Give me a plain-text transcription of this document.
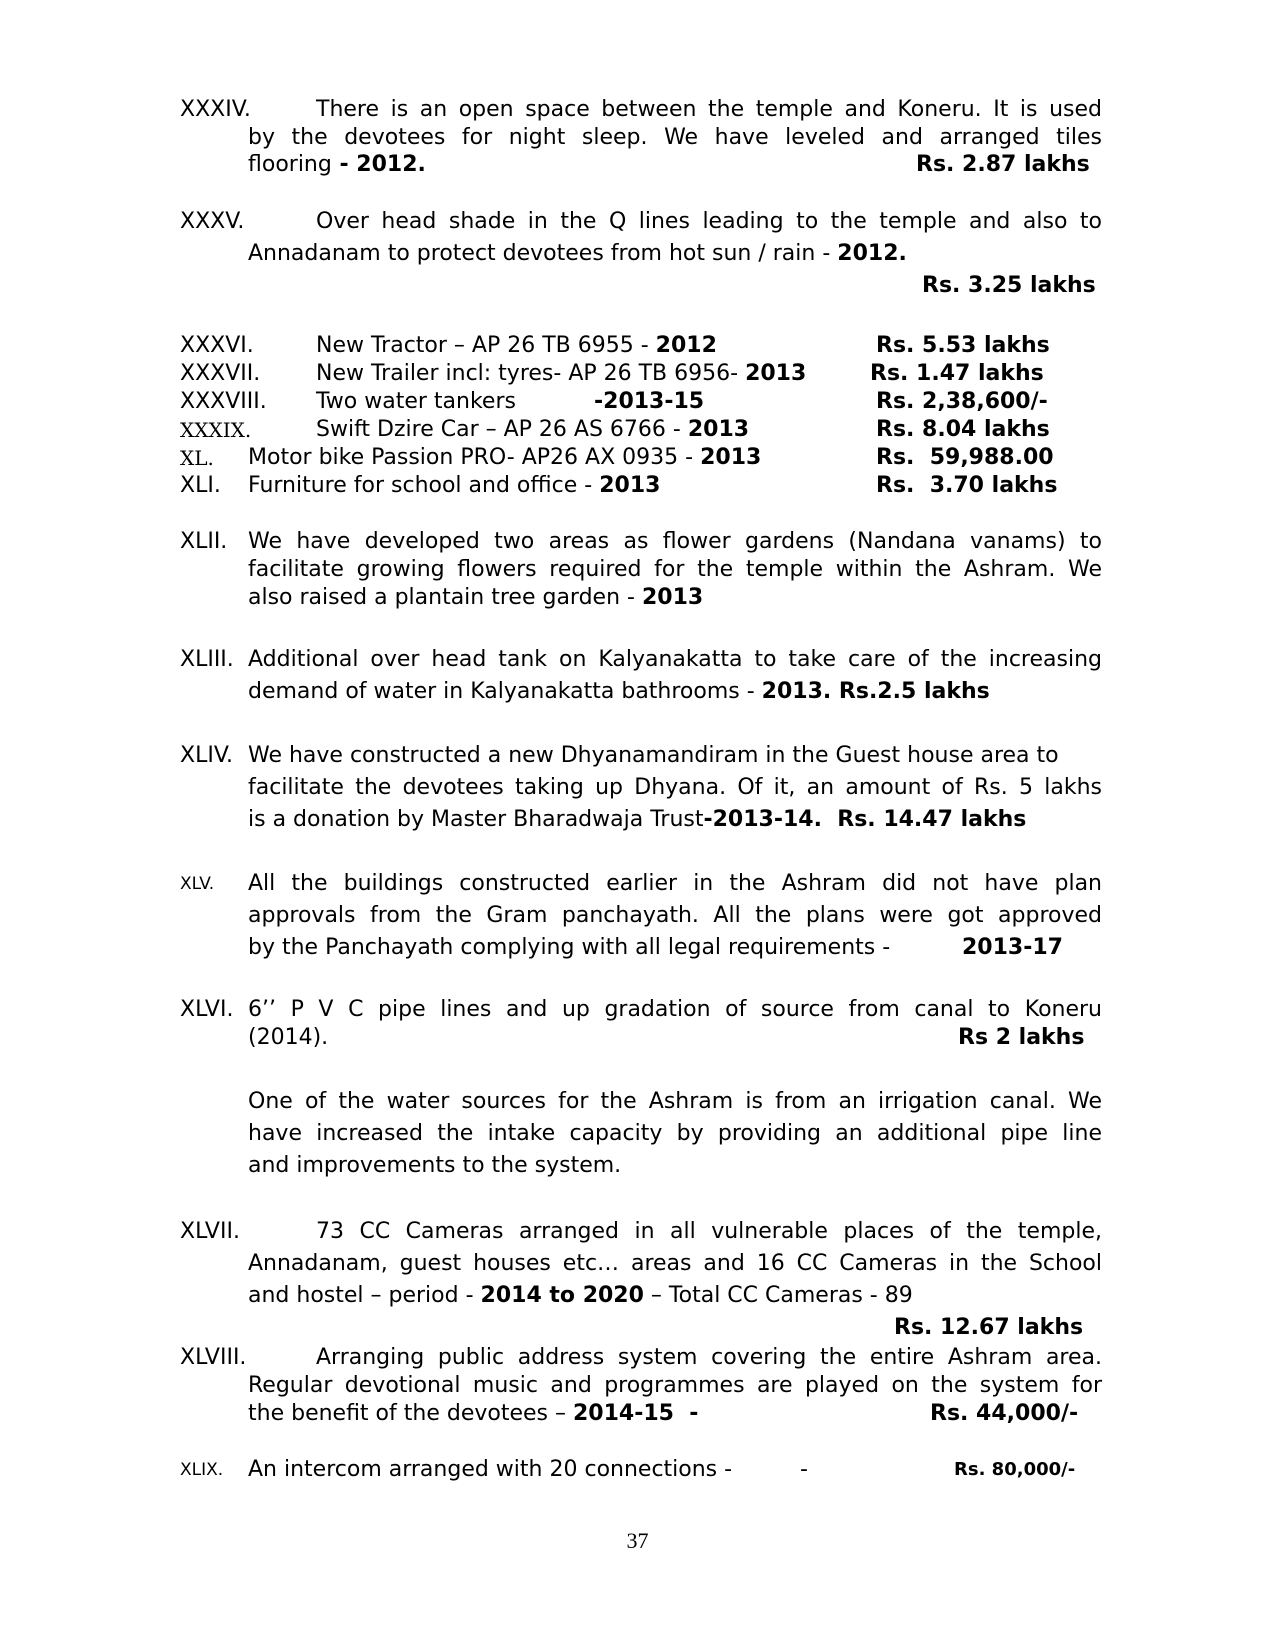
XXXIV.	There is an open space between the temple and Koneru. It is used
by the devotees for night sleep. We have leveled and arranged tiles
flooring - 2012.	Rs. 2.87 lakhs
XXXV.	Over head shade in the Q lines leading to the temple and also to
Annadanam to protect devotees from hot sun / rain - 2012.
Rs. 3.25 lakhs
XXXVI.	New Tractor – AP 26 TB 6955 - 2012	Rs. 5.53 lakhs
XXXVII.	New Trailer incl: tyres- AP 26 TB 6956- 2013	Rs. 1.47 lakhs
XXXVIII. Two water tankers	-2013-15	Rs. 2,38,600/-
XXXIX.	Swift Dzire Car – AP 26 AS 6766 - 2013	Rs. 8.04 lakhs
XL. Motor bike Passion PRO- AP26 AX 0935 - 2013	Rs.  59,988.00
XLI. Furniture for school and office - 2013	Rs.  3.70 lakhs
XLII. We have developed two areas as flower gardens (Nandana vanams) to
facilitate growing flowers required for the temple within the Ashram. We
also raised a plantain tree garden - 2013
XLIII. Additional over head tank on Kalyanakatta to take care of the increasing
demand of water in Kalyanakatta bathrooms - 2013. Rs.2.5 lakhs
XLIV. We have constructed a new Dhyanamandiram in the Guest house area to
facilitate the devotees taking up Dhyana. Of it, an amount of Rs. 5 lakhs
is a donation by Master Bharadwaja Trust-2013-14.  Rs. 14.47 lakhs
XLV. All the buildings constructed earlier in the Ashram did not have plan
approvals from the Gram panchayath. All the plans were got approved
by the Panchayath complying with all legal requirements -	2013-17
XLVI. 6’’ P V C pipe lines and up gradation of source from canal to Koneru
(2014).	Rs 2 lakhs
One of the water sources for the Ashram is from an irrigation canal. We
have increased the intake capacity by providing an additional pipe line
and improvements to the system.
XLVII.	73 CC Cameras arranged in all vulnerable places of the temple,
Annadanam, guest houses etc… areas and 16 CC Cameras in the School
and hostel – period - 2014 to 2020 – Total CC Cameras - 89
Rs. 12.67 lakhs
XLVIII.	Arranging public address system covering the entire Ashram area.
Regular devotional music and programmes are played on the system for
the benefit of the devotees – 2014-15  -	Rs. 44,000/-
XLIX. An intercom arranged with 20 connections -	-	Rs. 80,000/-
37
